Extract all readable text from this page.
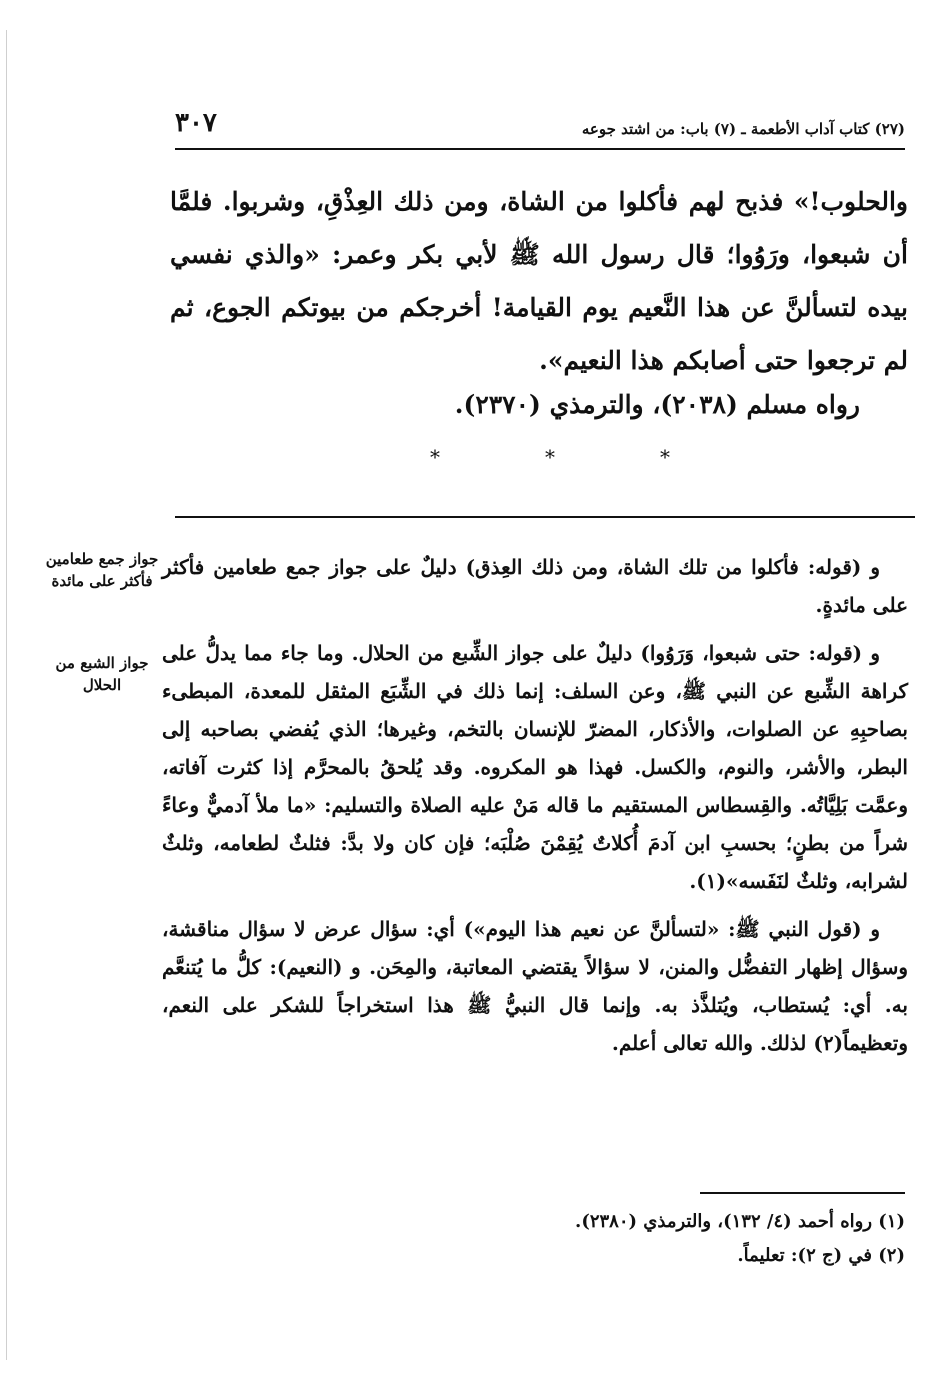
(٢٧) كتاب آداب الأطعمة ـ (٧) باب: من اشتد جوعه
٣٠٧

والحلوب!» فذبح لهم فأكلوا من الشاة، ومن ذلك العِذْقِ، وشربوا. فلمَّا أن شبعوا، ورَوُوا؛ قال رسول الله ﷺ لأبي بكر وعمر: «والذي نفسي بيده لتسألنَّ عن هذا النَّعيم يوم القيامة! أخرجكم من بيوتكم الجوع، ثم لم ترجعوا حتى أصابكم هذا النعيم».

رواه مسلم (٢٠٣٨)، والترمذي (٢٣٧٠).

*	*	*
جواز جمع طعامين فأكثر على مائدة
جواز الشبع من الحلال

و (قوله: فأكلوا من تلك الشاة، ومن ذلك العِذق) دليلٌ على جواز جمع طعامين فأكثر على مائدةٍ.

و (قوله: حتى شبعوا، وَرَوُوا) دليلٌ على جواز الشِّبع من الحلال. وما جاء مما يدلُّ على كراهة الشِّبع عن النبي ﷺ، وعن السلف: إنما ذلك في الشِّبَع المثقل للمعدة، المبطىء بصاحبِهِ عن الصلوات، والأذكار، المضرّ للإنسان بالتخم، وغيرها؛ الذي يُفضي بصاحبه إلى البطر، والأشر، والنوم، والكسل. فهذا هو المكروه. وقد يُلحقُ بالمحرَّم إذا كثرت آفاته، وعمَّت بَلِيَّاتُه. والقِسطاس المستقيم ما قاله مَنْ عليه الصلاة والتسليم: «ما ملأ آدميٌّ وعاءً شراً من بطنٍ؛ بحسبِ ابن آدمَ أُكلاتٌ يُقِمْنَ صُلْبَه؛ فإن كان ولا بدَّ: فثلثٌ لطعامه، وثلثٌ لشرابه، وثلثٌ لنَفَسه»(١).

و (قول النبي ﷺ: «لتسألنَّ عن نعيم هذا اليوم») أي: سؤال عرض لا سؤال مناقشة، وسؤال إظهار التفضُّل والمنن، لا سؤالاً يقتضي المعاتبة، والمِحَن. و (النعيم): كلُّ ما يُتنعَّم به. أي: يُستطاب، ويُتلذَّذ به. وإنما قال النبيُّ ﷺ هذا استخراجاً للشكر على النعم، وتعظيماً(٢) لذلك. والله تعالى أعلم.

(١) رواه أحمد (٤/ ١٣٢)، والترمذي (٢٣٨٠).

(٢) في (ج ٢): تعليماً.
